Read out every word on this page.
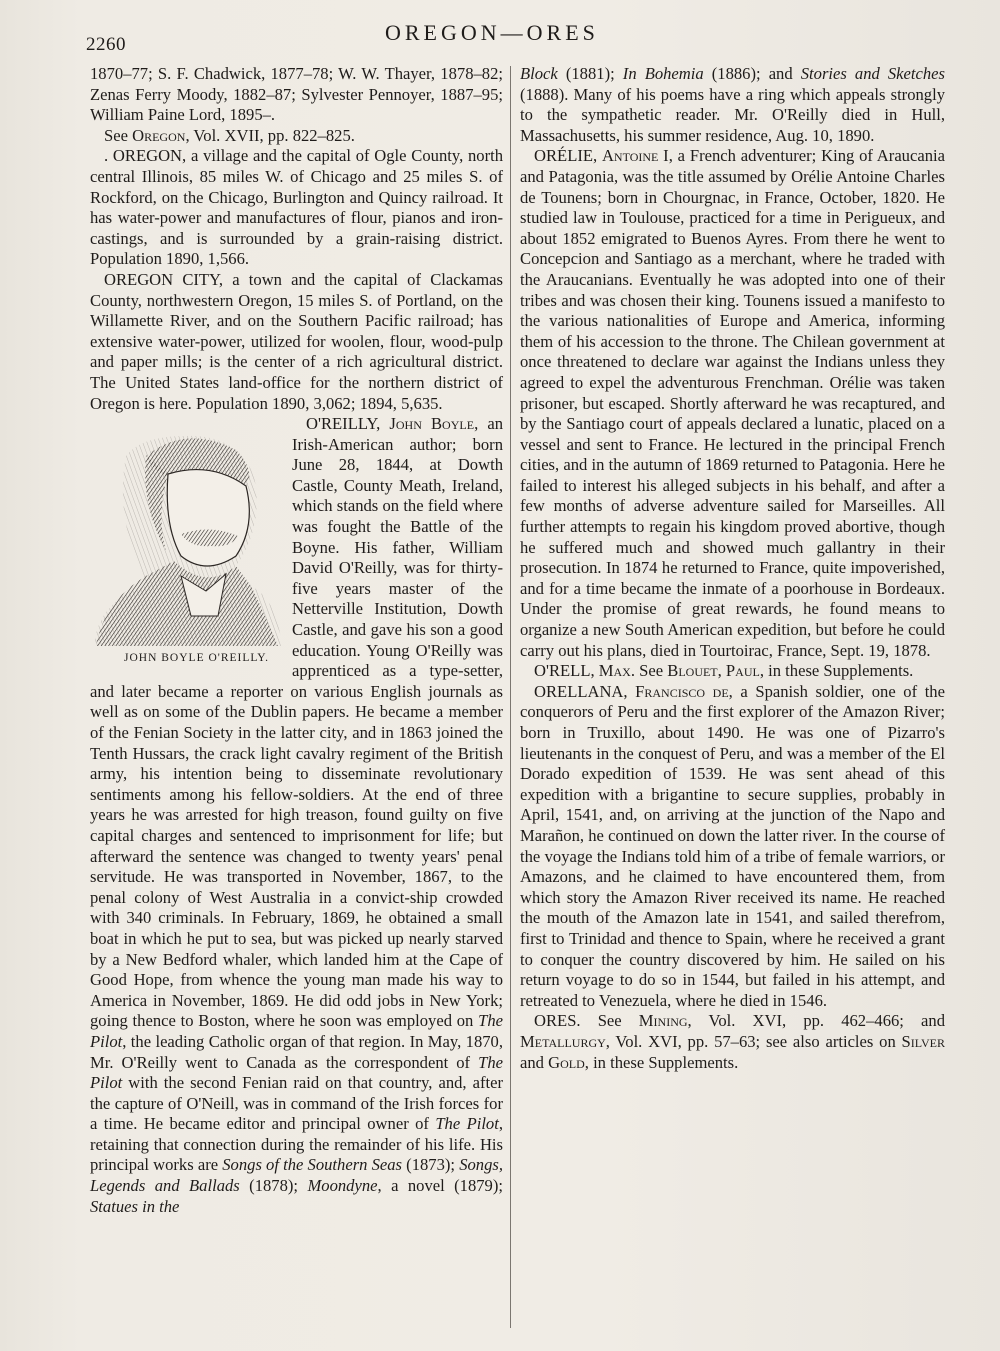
2260	OREGON—ORES

1870–77; S. F. Chadwick, 1877–78; W. W. Thayer, 1878–82; Zenas Ferry Moody, 1882–87; Sylvester Pennoyer, 1887–95; William Paine Lord, 1895–.

See Oregon, Vol. XVII, pp. 822–825.

. OREGON, a village and the capital of Ogle County, north central Illinois, 85 miles W. of Chicago and 25 miles S. of Rockford, on the Chicago, Burlington and Quincy railroad. It has water-power and manufactures of flour, pianos and iron-castings, and is surrounded by a grain-raising district. Population 1890, 1,566.

OREGON CITY, a town and the capital of Clackamas County, northwestern Oregon, 15 miles S. of Portland, on the Willamette River, and on the Southern Pacific railroad; has extensive water-power, utilized for woolen, flour, wood-pulp and paper mills; is the center of a rich agricultural district. The United States land-office for the northern district of Oregon is here. Population 1890, 3,062; 1894, 5,635.

JOHN BOYLE O'REILLY.
O'REILLY, John Boyle, an Irish-American author; born June 28, 1844, at Dowth Castle, County Meath, Ireland, which stands on the field where was fought the Battle of the Boyne. His father, William David O'Reilly, was for thirty-five years master of the Netterville Institution, Dowth Castle, and gave his son a good education. Young O'Reilly was apprenticed as a type-setter, and later became a reporter on various English journals as well as on some of the Dublin papers. He became a member of the Fenian Society in the latter city, and in 1863 joined the Tenth Hussars, the crack light cavalry regiment of the British army, his intention being to disseminate revolutionary sentiments among his fellow-soldiers. At the end of three years he was arrested for high treason, found guilty on five capital charges and sentenced to imprisonment for life; but afterward the sentence was changed to twenty years' penal servitude. He was transported in November, 1867, to the penal colony of West Australia in a convict-ship crowded with 340 criminals. In February, 1869, he obtained a small boat in which he put to sea, but was picked up nearly starved by a New Bedford whaler, which landed him at the Cape of Good Hope, from whence the young man made his way to America in November, 1869. He did odd jobs in New York; going thence to Boston, where he soon was employed on The Pilot, the leading Catholic organ of that region. In May, 1870, Mr. O'Reilly went to Canada as the correspondent of The Pilot with the second Fenian raid on that country, and, after the capture of O'Neill, was in command of the Irish forces for a time. He became editor and principal owner of The Pilot, retaining that connection during the remainder of his life. His principal works are Songs of the Southern Seas (1873); Songs, Legends and Ballads (1878); Moondyne, a novel (1879); Statues in the

Block (1881); In Bohemia (1886); and Stories and Sketches (1888). Many of his poems have a ring which appeals strongly to the sympathetic reader. Mr. O'Reilly died in Hull, Massachusetts, his summer residence, Aug. 10, 1890.

ORÉLIE, Antoine I, a French adventurer; King of Araucania and Patagonia, was the title assumed by Orélie Antoine Charles de Tounens; born in Chourgnac, in France, October, 1820. He studied law in Toulouse, practiced for a time in Perigueux, and about 1852 emigrated to Buenos Ayres. From there he went to Concepcion and Santiago as a merchant, where he traded with the Araucanians. Eventually he was adopted into one of their tribes and was chosen their king. Tounens issued a manifesto to the various nationalities of Europe and America, informing them of his accession to the throne. The Chilean government at once threatened to declare war against the Indians unless they agreed to expel the adventurous Frenchman. Orélie was taken prisoner, but escaped. Shortly afterward he was recaptured, and by the Santiago court of appeals declared a lunatic, placed on a vessel and sent to France. He lectured in the principal French cities, and in the autumn of 1869 returned to Patagonia. Here he failed to interest his alleged subjects in his behalf, and after a few months of adverse adventure sailed for Marseilles. All further attempts to regain his kingdom proved abortive, though he suffered much and showed much gallantry in their prosecution. In 1874 he returned to France, quite impoverished, and for a time became the inmate of a poorhouse in Bordeaux. Under the promise of great rewards, he found means to organize a new South American expedition, but before he could carry out his plans, died in Tourtoirac, France, Sept. 19, 1878.

O'RELL, Max. See Blouet, Paul, in these Supplements.

ORELLANA, Francisco de, a Spanish soldier, one of the conquerors of Peru and the first explorer of the Amazon River; born in Truxillo, about 1490. He was one of Pizarro's lieutenants in the conquest of Peru, and was a member of the El Dorado expedition of 1539. He was sent ahead of this expedition with a brigantine to secure supplies, probably in April, 1541, and, on arriving at the junction of the Napo and Marañon, he continued on down the latter river. In the course of the voyage the Indians told him of a tribe of female warriors, or Amazons, and he claimed to have encountered them, from which story the Amazon River received its name. He reached the mouth of the Amazon late in 1541, and sailed therefrom, first to Trinidad and thence to Spain, where he received a grant to conquer the country discovered by him. He sailed on his return voyage to do so in 1544, but failed in his attempt, and retreated to Venezuela, where he died in 1546.

ORES. See Mining, Vol. XVI, pp. 462–466; and Metallurgy, Vol. XVI, pp. 57–63; see also articles on Silver and Gold, in these Supplements.
